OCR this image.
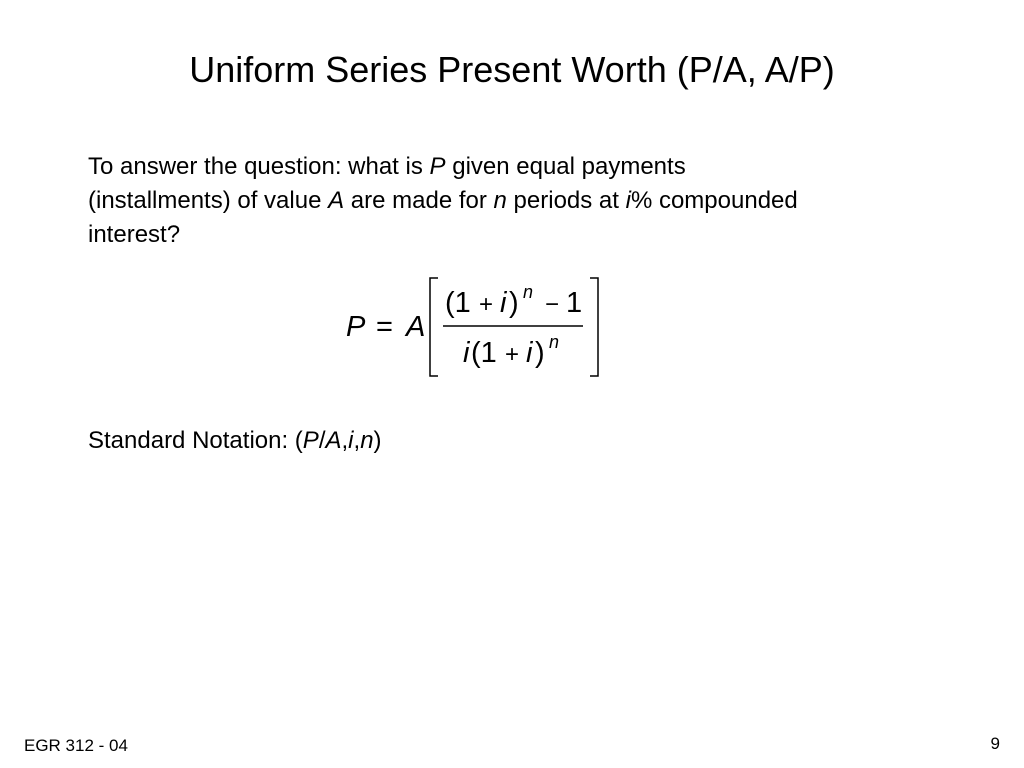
Uniform Series Present Worth (P/A, A/P)
To answer the question: what is P given equal payments
(installments) of value A are made for n periods at i% compounded
interest?
P = A
(1 + i ) n − 1
i (1 + i ) n
Standard Notation: (P/A,i,n)
EGR 312 - 04	9
